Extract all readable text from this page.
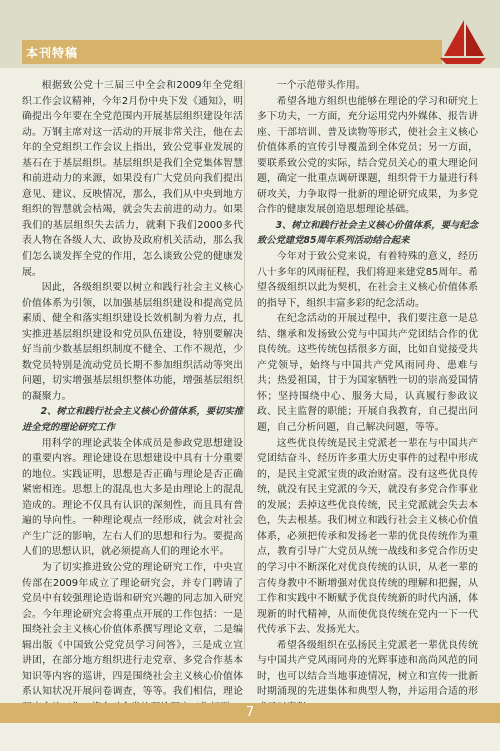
本刊特稿

根据致公党十三届三中全会和2009年全党组织工作会议精神，今年2月份中央下发《通知》，明确提出今年要在全党范围内开展基层组织建设年活动。万钢主席对这一活动的开展非常关注，他在去年的全党组织工作会议上指出，致公党事业发展的基石在于基层组织。基层组织是我们全党集体智慧和前进动力的来源，如果没有广大党员向我们提出意见、建议、反映情况，那么，我们从中央到地方组织的智慧就会枯竭，就会失去前进的动力。如果我们的基层组织失去活力，就剩下我们2000多代表人物在各级人大、政协及政府机关活动，那么我们怎么谈发挥全党的作用，怎么谈致公党的健康发展。

因此，各级组织要以树立和践行社会主义核心价值体系为引领，以加强基层组织建设和提高党员素质、健全和落实组织建设长效机制为着力点，扎实推进基层组织建设和党员队伍建设，特别要解决好当前少数基层组织制度不健全、工作不规范，少数党员特别是流动党员长期不参加组织活动等突出问题，切实增强基层组织整体功能，增强基层组织的凝聚力。

2、树立和践行社会主义核心价值体系，要切实推进全党的理论研究工作

用科学的理论武装全体成员是参政党思想建设的重要内容。理论建设在思想建设中具有十分重要的地位。实践证明，思想是否正确与理论是否正确紧密相连。思想上的混乱也大多是由理论上的混乱造成的。理论不仅具有认识的深刻性，而且具有普遍的导向性。一种理论观点一经形成，就会对社会产生广泛的影响，左右人们的思想和行为。要提高人们的思想认识，就必须提高人们的理论水平。

为了切实推进致公党的理论研究工作，中央宣传部在2009年成立了理论研究会，并专门聘请了党员中有较强理论造诣和研究兴趣的同志加入研究会。今年理论研究会将重点开展的工作包括：一是围绕社会主义核心价值体系撰写理论文章，二是编辑出版《中国致公党党员学习问答》，三是成立宣讲团，在部分地方组织进行走党章、多党合作基本知识等内容的巡讲，四是围绕社会主义核心价值体系认知状况开展问卷调查，等等。我们相信，理论

一个示范带头作用。

希望各地方组织也能够在理论的学习和研究上多下功夫，一方面，充分运用党内外媒体、报告讲座、干部培训、普及读物等形式，使社会主义核心价值体系的宣传引导覆盖到全体党员；另一方面，要联系致公党的实际，结合党员关心的重大理论问题，确定一批重点调研课题，组织骨干力量进行科研攻关，力争取得一批新的理论研究成果，为多党合作的健康发展创造思想理论基础。

3、树立和践行社会主义核心价值体系，要与纪念致公党建党85周年系列活动结合起来

今年对于致公党来说，有着特殊的意义，经历八十多年的风雨征程，我们将迎来建党85周年。希望各级组织以此为契机，在社会主义核心价值体系的指导下，组织丰富多彩的纪念活动。

在纪念活动的开展过程中，我们要注意一是总结、继承和发扬致公党与中国共产党团结合作的优良传统。这些传统包括很多方面，比如自觉接受共产党领导，始终与中国共产党风雨同舟、患难与共；热爱祖国，甘于为国家牺牲一切的崇高爱国情怀；坚持围绕中心、服务大局，认真履行参政议政、民主监督的职能；开展自我教育，自己提出问题，自己分析问题，自己解决问题，等等。

这些优良传统是民主党派老一辈在与中国共产党团结奋斗、经历许多重大历史事件的过程中形成的，是民主党派宝贵的政治财富。没有这些优良传统，就没有民主党派的今天，就没有多党合作事业的发展；丢掉这些优良传统，民主党派就会失去本色，失去根基。我们树立和践行社会主义核心价值体系，必须把传承和发扬老一辈的优良传统作为重点，教育引导广大党员从统一战线和多党合作历史的学习中不断深化对优良传统的认识，从老一辈的言传身教中不断增强对优良传统的理解和把握，从工作和实践中不断赋予优良传统新的时代内涵，体现新的时代精神，从而使优良传统在党内一下一代代传承下去、发扬光大。

希望各级组织在弘扬民主党派老一辈优良传统与中国共产党风雨同舟的光辉事迹和高尚风范的同时，也可以结合当地事迹情况，树立和宣传一批新时期涌现的先进集体和典型人物，并运用合适的形

7
